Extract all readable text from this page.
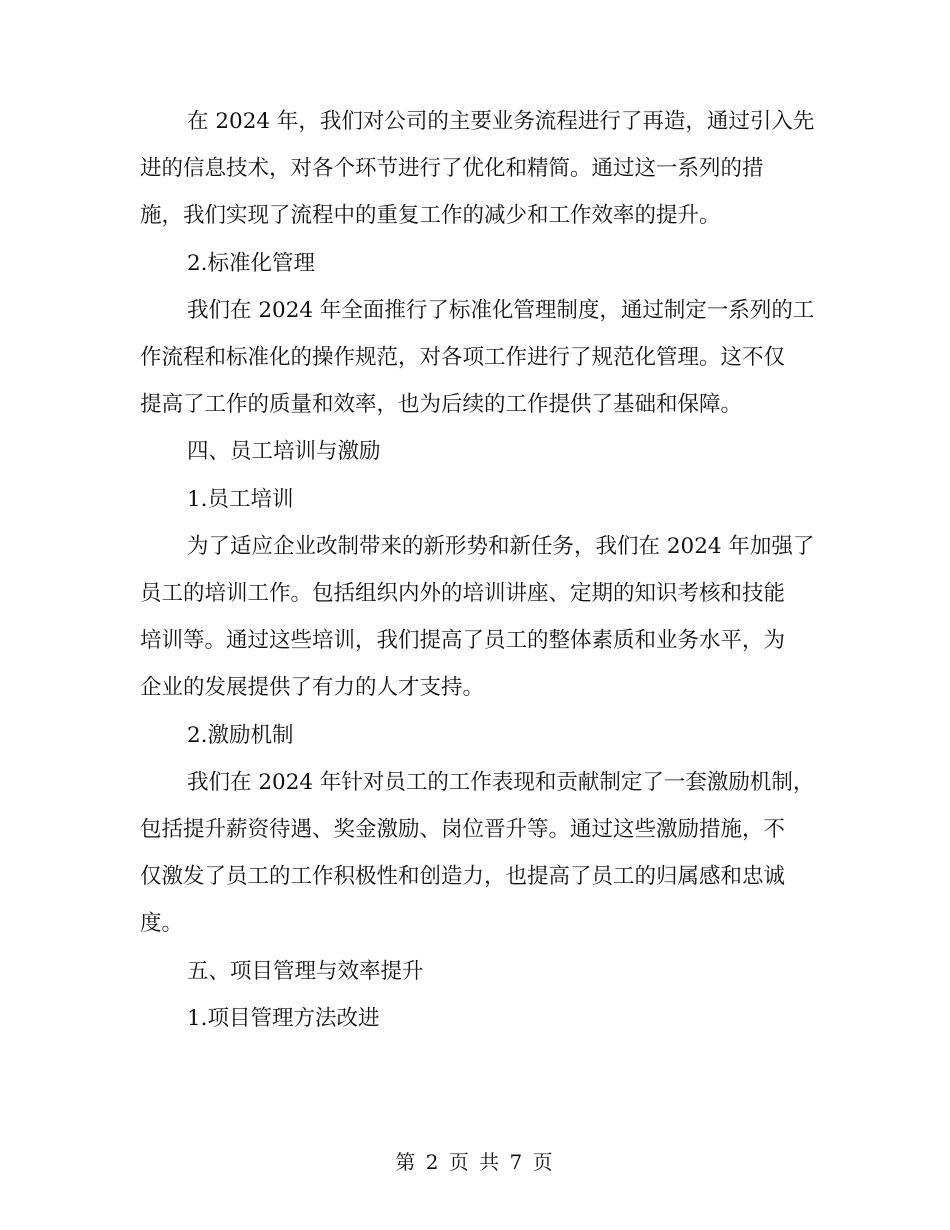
在 2024 年，我们对公司的主要业务流程进行了再造，通过引入先
进的信息技术，对各个环节进行了优化和精简。通过这一系列的措
施，我们实现了流程中的重复工作的减少和工作效率的提升。

2.标准化管理

我们在 2024 年全面推行了标准化管理制度，通过制定一系列的工
作流程和标准化的操作规范，对各项工作进行了规范化管理。这不仅
提高了工作的质量和效率，也为后续的工作提供了基础和保障。

四、员工培训与激励

1.员工培训

为了适应企业改制带来的新形势和新任务，我们在 2024 年加强了
员工的培训工作。包括组织内外的培训讲座、定期的知识考核和技能
培训等。通过这些培训，我们提高了员工的整体素质和业务水平，为
企业的发展提供了有力的人才支持。

2.激励机制

我们在 2024 年针对员工的工作表现和贡献制定了一套激励机制，
包括提升薪资待遇、奖金激励、岗位晋升等。通过这些激励措施，不
仅激发了员工的工作积极性和创造力，也提高了员工的归属感和忠诚
度。

五、项目管理与效率提升

1.项目管理方法改进

第 2 页 共 7 页
